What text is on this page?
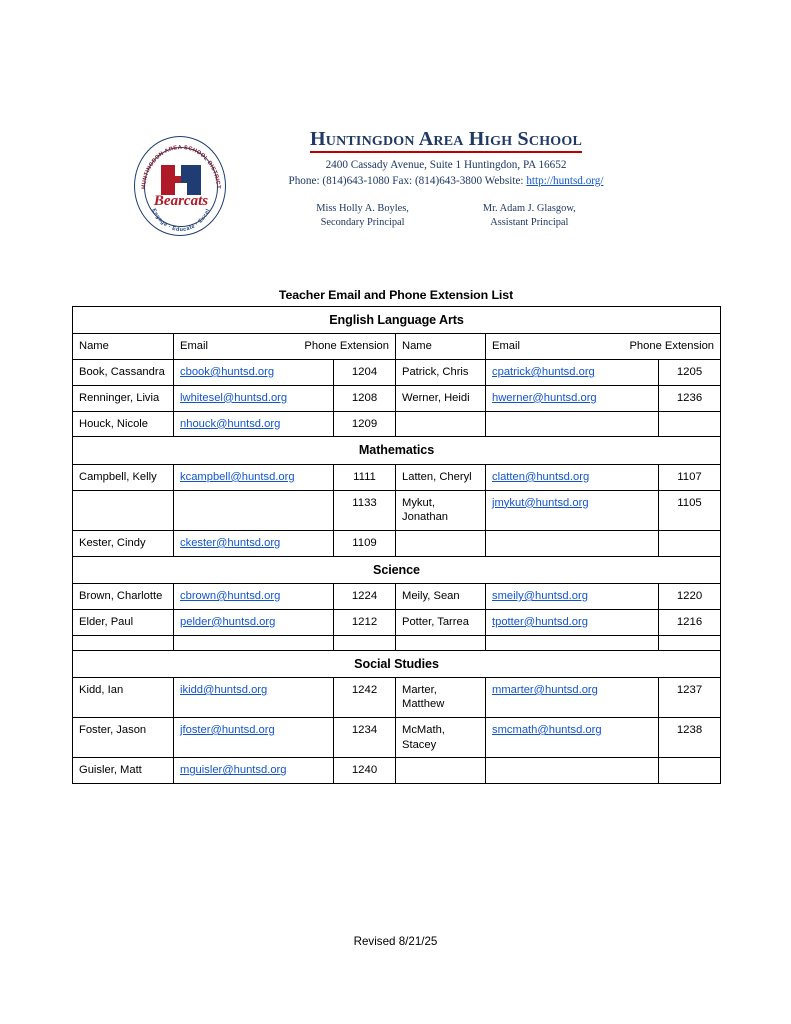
HUNTINGDON AREA SCHOOL DISTRICT
Engage · Educate · Excel
Bearcats
Huntingdon Area High School
2400 Cassady Avenue, Suite 1 Huntingdon, PA 16652
Phone: (814)643-1080 Fax: (814)643-3800 Website: http://huntsd.org/
Miss Holly A. Boyles,
Secondary Principal
Mr. Adam J. Glasgow,
Assistant Principal
Teacher Email and Phone Extension List
English Language Arts					
Name	Email Phone Extension		Name	Email Phone Extension	

Book, Cassandra	cbook@huntsd.org	1204	Patrick, Chris	cpatrick@huntsd.org	1205
Renninger, Livia	lwhitesel@huntsd.org	1208	Werner, Heidi	hwerner@huntsd.org	1236
Houck, Nicole	nhouck@huntsd.org	1209			
Mathematics					
Campbell, Kelly	kcampbell@huntsd.org	1111	Latten, Cheryl	clatten@huntsd.org	1107
		1133	Mykut, Jonathan	jmykut@huntsd.org	1105
Kester, Cindy	ckester@huntsd.org	1109			
Science					
Brown, Charlotte	cbrown@huntsd.org	1224	Meily, Sean	smeily@huntsd.org	1220
Elder, Paul	pelder@huntsd.org	1212	Potter, Tarrea	tpotter@huntsd.org	1216

Social Studies					
Kidd, Ian	ikidd@huntsd.org	1242	Marter, Matthew	mmarter@huntsd.org	1237
Foster, Jason	jfoster@huntsd.org	1234	McMath, Stacey	smcmath@huntsd.org	1238
Guisler, Matt	mguisler@huntsd.org	1240			
Revised 8/21/25
